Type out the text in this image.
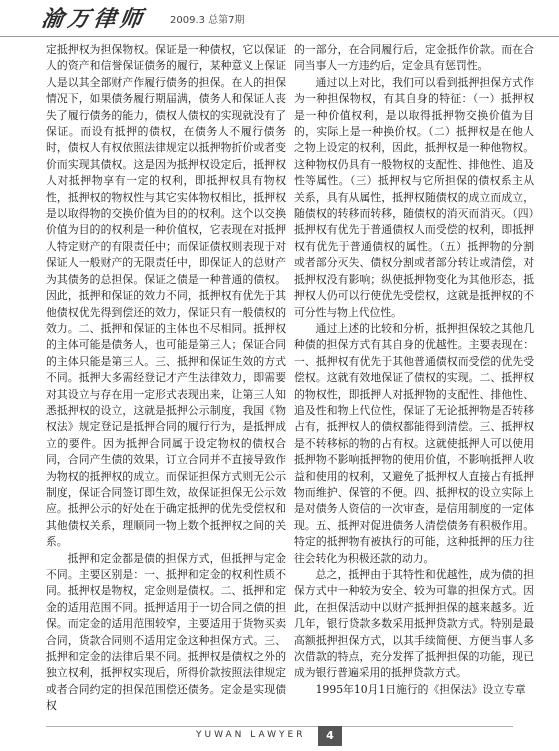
渝万律师 2009.3 总第7期

定抵押权为担保物权。保证是一种债权，它以保证人的资产和信誉保证债务的履行，某种意义上保证人是以其全部财产作履行债务的担保。在人的担保情况下，如果债务履行期届满，债务人和保证人丧失了履行债务的能力，债权人债权的实现就没有了保证。而设有抵押的债权，在债务人不履行债务时，债权人有权依照法律规定以抵押物折价或者变价而实现其债权。这是因为抵押权设定后，抵押权人对抵押物享有一定的权利，即抵押权具有物权性，抵押权的物权性与其它实体物权相比，抵押权是以取得物的交换价值为目的的权利。这个以交换价值为目的的权利是一种价值权，它表现在对抵押人特定财产的有限责任中；而保证债权则表现于对保证人一般财产的无限责任中，即保证人的总财产为其债务的总担保。保证之债是一种普通的债权。因此，抵押和保证的效力不同，抵押权有优先于其他债权优先得到偿还的效力，保证只有一般债权的效力。二、抵押和保证的主体也不尽相同。抵押权的主体可能是债务人，也可能是第三人；保证合同的主体只能是第三人。三、抵押和保证生效的方式不同。抵押大多需经登记才产生法律效力，即需要对其设立与存在用一定形式表现出来，让第三人知悉抵押权的设立，这就是抵押公示制度，我国《物权法》规定登记是抵押合同的履行行为，是抵押成立的要件。因为抵押合同属于设定物权的债权合同，合同产生债的效果，订立合同并不直接导致作为物权的抵押权的成立。而保证担保方式则无公示制度，保证合同签订即生效，故保证担保无公示效应。抵押公示的好处在于确定抵押的优先受偿权和其他债权关系，理顺同一物上数个抵押权之间的关系。

抵押和定金都是债的担保方式，但抵押与定金不同。主要区别是：一、抵押和定金的权利性质不同。抵押权是物权，定金则是债权。二、抵押和定金的适用范围不同。抵押适用于一切合同之债的担保。而定金的适用范围较窄，主要适用于货物买卖合同，货款合同则不适用定金这种担保方式。三、抵押和定金的法律后果不同。抵押权是债权之外的独立权利，抵押权实现后，所得价款按照法律规定或者合同约定的担保范围偿还债务。定金是实现债权

的一部分，在合同履行后，定金抵作价款。而在合同当事人一方违约后，定金具有惩罚性。

通过以上对比，我们可以看到抵押担保方式作为一种担保物权，有其自身的特征：（一）抵押权是一种价值权利，是以取得抵押物交换价值为目的，实际上是一种换价权。（二）抵押权是在他人之物上设定的权利，因此，抵押权是一种他物权。这种物权仍具有一般物权的支配性、排他性、追及性等属性。（三）抵押权与它所担保的债权系主从关系，具有从属性，抵押权随债权的成立而成立，随债权的转移而转移，随债权的消灭而消灭。（四）抵押权有优先于普通债权人而受偿的权利，即抵押权有优先于普通债权的属性。（五）抵押物的分割或者部分灭失、债权分割或者部分转让或清偿，对抵押权没有影响；纵使抵押物变化为其他形态，抵押权人仍可以行使优先受偿权，这就是抵押权的不可分性与物上代位性。

通过上述的比较和分析，抵押担保较之其他几种债的担保方式有其自身的优越性。主要表现在：一、抵押权有优先于其他普通债权而受偿的优先受偿权。这就有效地保证了债权的实现。二、抵押权的物权性，即抵押人对抵押物的支配性、排他性、追及性和物上代位性，保证了无论抵押物是否转移占有，抵押权人的债权都能得到清偿。三、抵押权是不转移标的物的占有权。这就使抵押人可以使用抵押物不影响抵押物的使用价值，不影响抵押人收益和使用的权利，又避免了抵押权人直接占有抵押物而维护、保管的不便。四、抵押权的设立实际上是对债务人资信的一次审查，是信用制度的一定体现。五、抵押对促进债务人清偿债务有积极作用。特定的抵押物有被执行的可能，这种抵押的压力往往会转化为积极还款的动力。

总之，抵押由于其特性和优越性，成为债的担保方式中一种较为安全、较为可靠的担保方式。因此，在担保活动中以财产抵押担保的越来越多。近几年，银行贷款多数采用抵押贷款方式。特别是最高额抵押担保方式，以其手续简便、方便当事人多次借款的特点，充分发挥了抵押担保的功能，现已成为银行普遍采用的抵押贷款方式。

1995年10月1日施行的《担保法》设立专章

YUWAN LAWYER	4
